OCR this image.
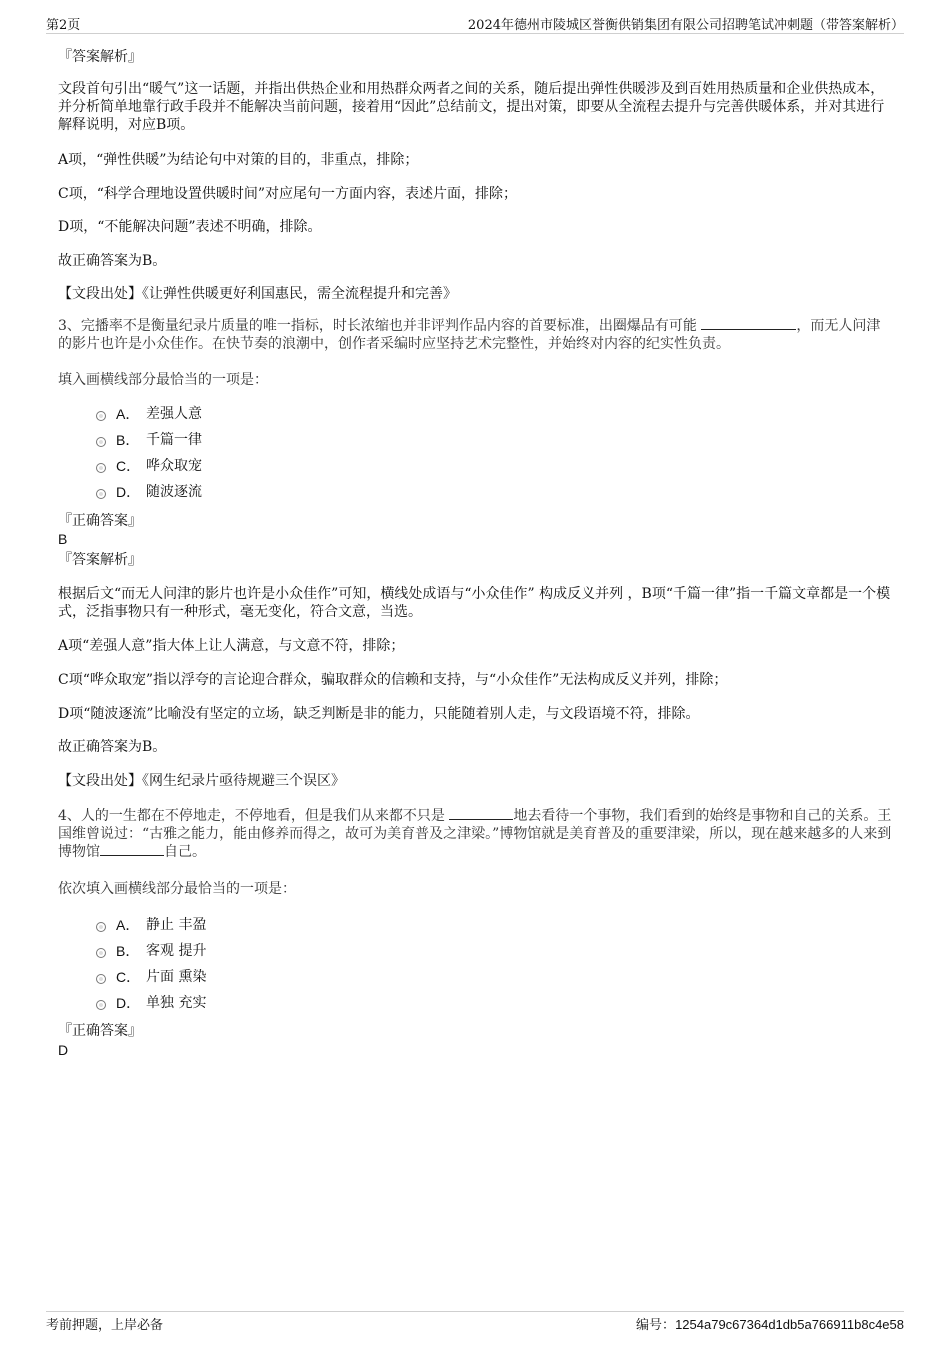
第2页	2024年德州市陵城区誉衡供销集团有限公司招聘笔试冲刺题（带答案解析）
『答案解析』
文段首句引出“暖气”这一话题，并指出供热企业和用热群众两者之间的关系，随后提出弹性供暖涉及到百姓用热质量和企业供热成本，并分析简单地靠行政手段并不能解决当前问题，接着用“因此”总结前文，提出对策，即要从全流程去提升与完善供暖体系，并对其进行解释说明，对应B项。
A项，“弹性供暖”为结论句中对策的目的，非重点，排除；
C项，“科学合理地设置供暖时间”对应尾句一方面内容，表述片面，排除；
D项，“不能解决问题”表述不明确，排除。
故正确答案为B。
【文段出处】《让弹性供暖更好利国惠民，需全流程提升和完善》
3、完播率不是衡量纪录片质量的唯一指标，时长浓缩也并非评判作品内容的首要标准，出圈爆品有可能	，而无人问津的影片也许是小众佳作。在快节奏的浪潮中，创作者采编时应坚持艺术完整性，并始终对内容的纪实性负责。
填入画横线部分最恰当的一项是：
A． 差强人意
B． 千篇一律
C． 哗众取宠
D． 随波逐流
『正确答案』
B
『答案解析』
根据后文“而无人问津的影片也许是小众佳作”可知，横线处成语与“小众佳作” 构成反义并列 ，B项“千篇一律”指一千篇文章都是一个模式，泛指事物只有一种形式，毫无变化，符合文意，当选。
A项“差强人意”指大体上让人满意，与文意不符，排除；
C项“哗众取宠”指以浮夸的言论迎合群众，骗取群众的信赖和支持，与“小众佳作”无法构成反义并列，排除；
D项“随波逐流”比喻没有坚定的立场，缺乏判断是非的能力，只能随着别人走，与文段语境不符，排除。
故正确答案为B。
【文段出处】《网生纪录片亟待规避三个误区》
4、人的一生都在不停地走，不停地看，但是我们从来都不只是	地去看待一个事物，我们看到的始终是事物和自己的关系。王国维曾说过：“古雅之能力，能由修养而得之，故可为美育普及之津梁。”博物馆就是美育普及的重要津梁，所以，现在越来越多的人来到博物馆	自己。
依次填入画横线部分最恰当的一项是：
A． 静止 丰盈
B． 客观 提升
C． 片面 熏染
D． 单独 充实
『正确答案』
D
考前押题，上岸必备	编号：1254a79c67364d1db5a766911b8c4e58
